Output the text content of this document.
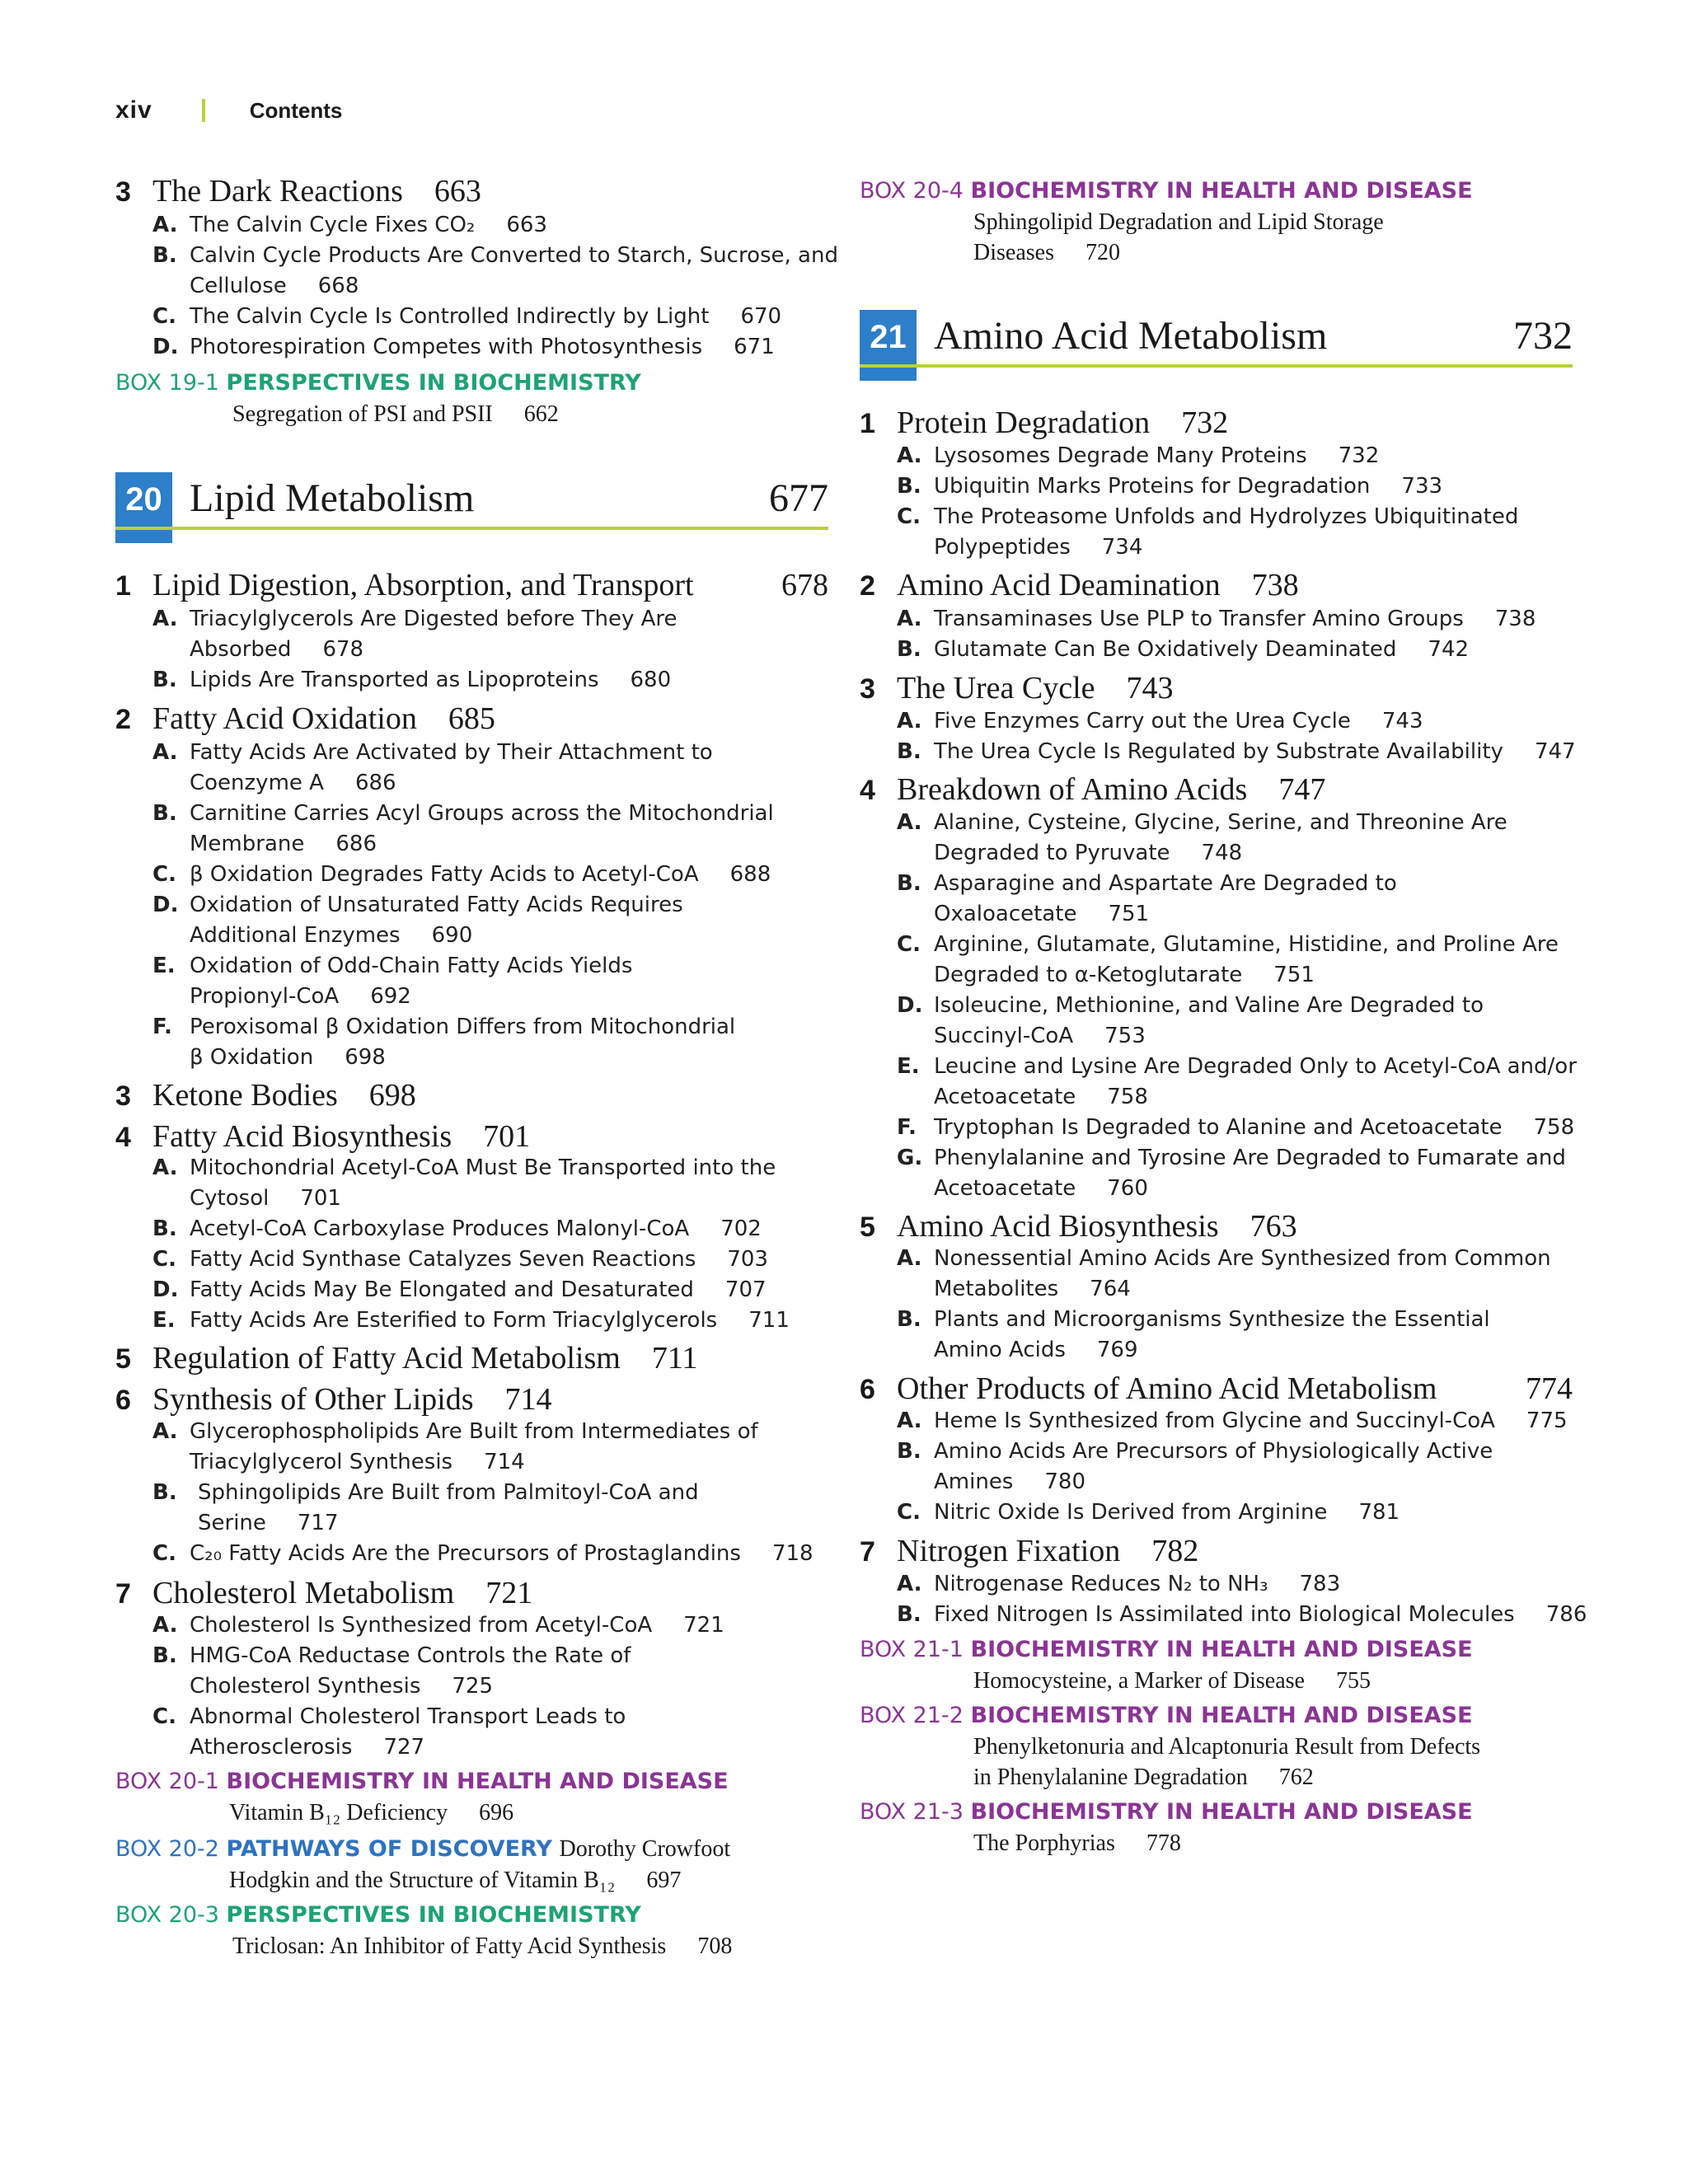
xiv	Contents
3 The Dark Reactions 663
A. The Calvin Cycle Fixes CO₂ 663
B. Calvin Cycle Products Are Converted to Starch, Sucrose, and
Cellulose 668
C. The Calvin Cycle Is Controlled Indirectly by Light 670
D. Photorespiration Competes with Photosynthesis 671
BOX 19-1 PERSPECTIVES IN BIOCHEMISTRY
Segregation of PSI and PSII 662
20 Lipid Metabolism	677
1 Lipid Digestion, Absorption, and Transport	678
A. Triacylglycerols Are Digested before They Are
Absorbed 678
B. Lipids Are Transported as Lipoproteins 680
2 Fatty Acid Oxidation 685
A. Fatty Acids Are Activated by Their Attachment to
Coenzyme A 686
B. Carnitine Carries Acyl Groups across the Mitochondrial
Membrane 686
C. β Oxidation Degrades Fatty Acids to Acetyl-CoA 688
D. Oxidation of Unsaturated Fatty Acids Requires
Additional Enzymes 690
E. Oxidation of Odd-Chain Fatty Acids Yields
Propionyl-CoA 692
F. Peroxisomal β Oxidation Differs from Mitochondrial
β Oxidation 698
3 Ketone Bodies 698
4 Fatty Acid Biosynthesis 701
A. Mitochondrial Acetyl-CoA Must Be Transported into the
Cytosol 701
B. Acetyl-CoA Carboxylase Produces Malonyl-CoA 702
C. Fatty Acid Synthase Catalyzes Seven Reactions 703
D. Fatty Acids May Be Elongated and Desaturated 707
E. Fatty Acids Are Esterified to Form Triacylglycerols 711
5 Regulation of Fatty Acid Metabolism 711
6 Synthesis of Other Lipids 714
A. Glycerophospholipids Are Built from Intermediates of
Triacylglycerol Synthesis 714
B. Sphingolipids Are Built from Palmitoyl-CoA and
Serine 717
C. C₂₀ Fatty Acids Are the Precursors of Prostaglandins 718
7 Cholesterol Metabolism 721
A. Cholesterol Is Synthesized from Acetyl-CoA 721
B. HMG-CoA Reductase Controls the Rate of
Cholesterol Synthesis 725
C. Abnormal Cholesterol Transport Leads to
Atherosclerosis 727
BOX 20-1 BIOCHEMISTRY IN HEALTH AND DISEASE
Vitamin B₁₂ Deficiency 696
BOX 20-2 PATHWAYS OF DISCOVERY Dorothy Crowfoot
Hodgkin and the Structure of Vitamin B₁₂ 697
BOX 20-3 PERSPECTIVES IN BIOCHEMISTRY
Triclosan: An Inhibitor of Fatty Acid Synthesis 708
BOX 20-4 BIOCHEMISTRY IN HEALTH AND DISEASE
Sphingolipid Degradation and Lipid Storage
Diseases 720
21 Amino Acid Metabolism	732
1 Protein Degradation 732
A. Lysosomes Degrade Many Proteins 732
B. Ubiquitin Marks Proteins for Degradation 733
C. The Proteasome Unfolds and Hydrolyzes Ubiquitinated
Polypeptides 734
2 Amino Acid Deamination 738
A. Transaminases Use PLP to Transfer Amino Groups 738
B. Glutamate Can Be Oxidatively Deaminated 742
3 The Urea Cycle 743
A. Five Enzymes Carry out the Urea Cycle 743
B. The Urea Cycle Is Regulated by Substrate Availability 747
4 Breakdown of Amino Acids 747
A. Alanine, Cysteine, Glycine, Serine, and Threonine Are
Degraded to Pyruvate 748
B. Asparagine and Aspartate Are Degraded to
Oxaloacetate 751
C. Arginine, Glutamate, Glutamine, Histidine, and Proline Are
Degraded to α-Ketoglutarate 751
D. Isoleucine, Methionine, and Valine Are Degraded to
Succinyl-CoA 753
E. Leucine and Lysine Are Degraded Only to Acetyl-CoA and/or
Acetoacetate 758
F. Tryptophan Is Degraded to Alanine and Acetoacetate 758
G. Phenylalanine and Tyrosine Are Degraded to Fumarate and
Acetoacetate 760
5 Amino Acid Biosynthesis 763
A. Nonessential Amino Acids Are Synthesized from Common
Metabolites 764
B. Plants and Microorganisms Synthesize the Essential
Amino Acids 769
6 Other Products of Amino Acid Metabolism	774
A. Heme Is Synthesized from Glycine and Succinyl-CoA 775
B. Amino Acids Are Precursors of Physiologically Active
Amines 780
C. Nitric Oxide Is Derived from Arginine 781
7 Nitrogen Fixation 782
A. Nitrogenase Reduces N₂ to NH₃ 783
B. Fixed Nitrogen Is Assimilated into Biological Molecules 786
BOX 21-1 BIOCHEMISTRY IN HEALTH AND DISEASE
Homocysteine, a Marker of Disease 755
BOX 21-2 BIOCHEMISTRY IN HEALTH AND DISEASE
Phenylketonuria and Alcaptonuria Result from Defects
in Phenylalanine Degradation 762
BOX 21-3 BIOCHEMISTRY IN HEALTH AND DISEASE
The Porphyrias 778
